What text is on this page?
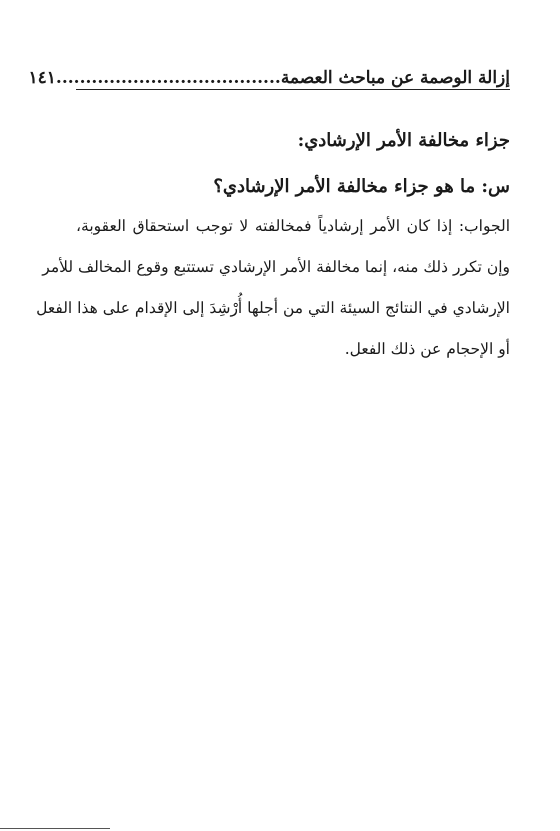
إزالة الوصمة عن مباحث العصمة......................................
١٤١
جزاء مخالفة الأمر الإرشادي:
س: ما هو جزاء مخالفة الأمر الإرشادي؟
الجواب: إذا كان الأمر إرشادياً فمخالفته لا توجب استحقاق العقوبة،
وإن تكرر ذلك منه، إنما مخالفة الأمر الإرشادي تستتبع وقوع المخالف للأمر
الإرشادي في النتائج السيئة التي من أجلها أُرْشِدَ إلى الإقدام على هذا الفعل
أو الإحجام عن ذلك الفعل.
